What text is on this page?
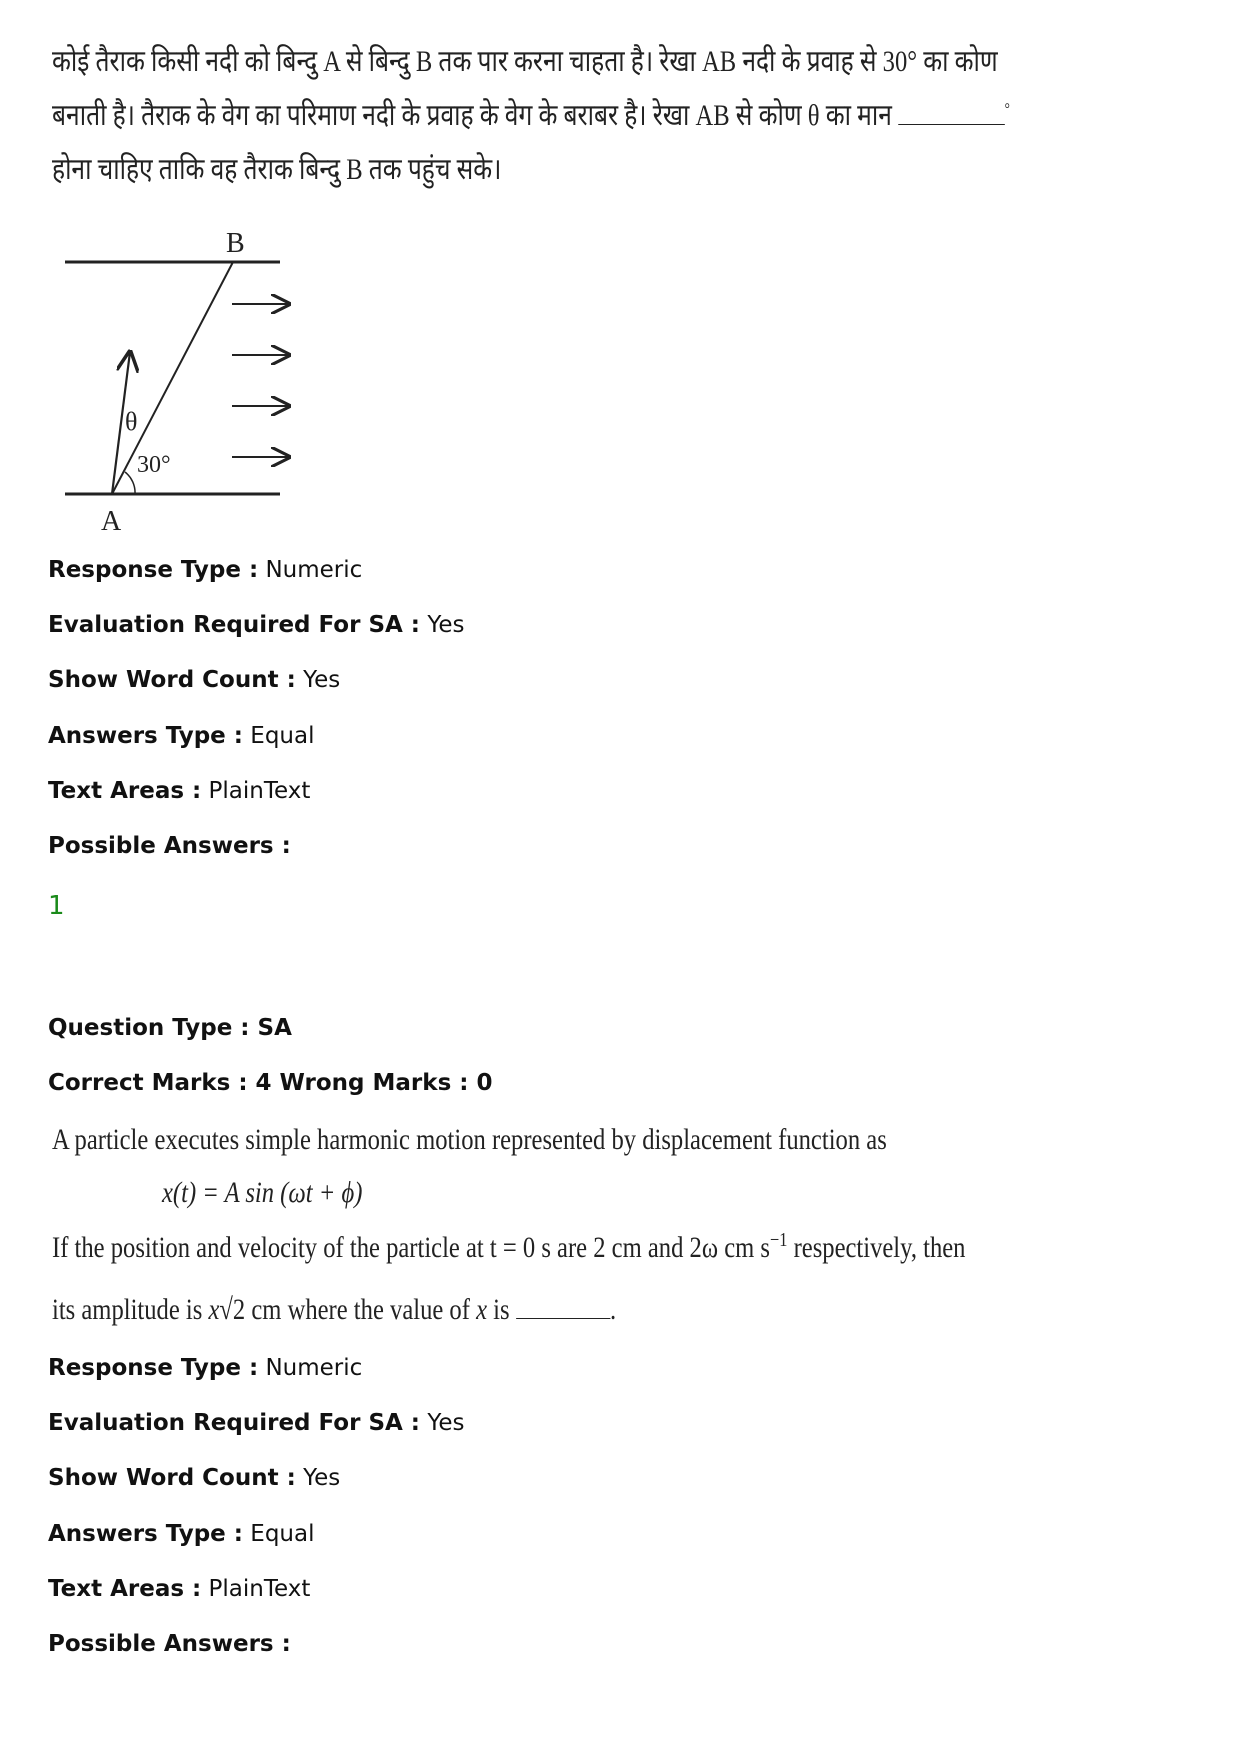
कोई तैराक किसी नदी को बिन्दु A से बिन्दु B तक पार करना चाहता है। रेखा AB नदी के प्रवाह से 30° का कोण
बनाती है। तैराक के वेग का परिमाण नदी के प्रवाह के वेग के बराबर है। रेखा AB से कोण θ का मान	°
होना चाहिए ताकि वह तैराक बिन्दु B तक पहुंच सके।
B
A
θ
30°
Response Type : Numeric
Evaluation Required For SA : Yes
Show Word Count : Yes
Answers Type : Equal
Text Areas : PlainText
Possible Answers :
1
Question Type : SA
Correct Marks : 4 Wrong Marks : 0
A particle executes simple harmonic motion represented by displacement function as
x(t) = A sin (ωt + ϕ)
If the position and velocity of the particle at t = 0 s are 2 cm and 2ω cm $s^{-1}$ respectively, then
its amplitude is x√2 cm where the value of x is	.
Response Type : Numeric
Evaluation Required For SA : Yes
Show Word Count : Yes
Answers Type : Equal
Text Areas : PlainText
Possible Answers :
